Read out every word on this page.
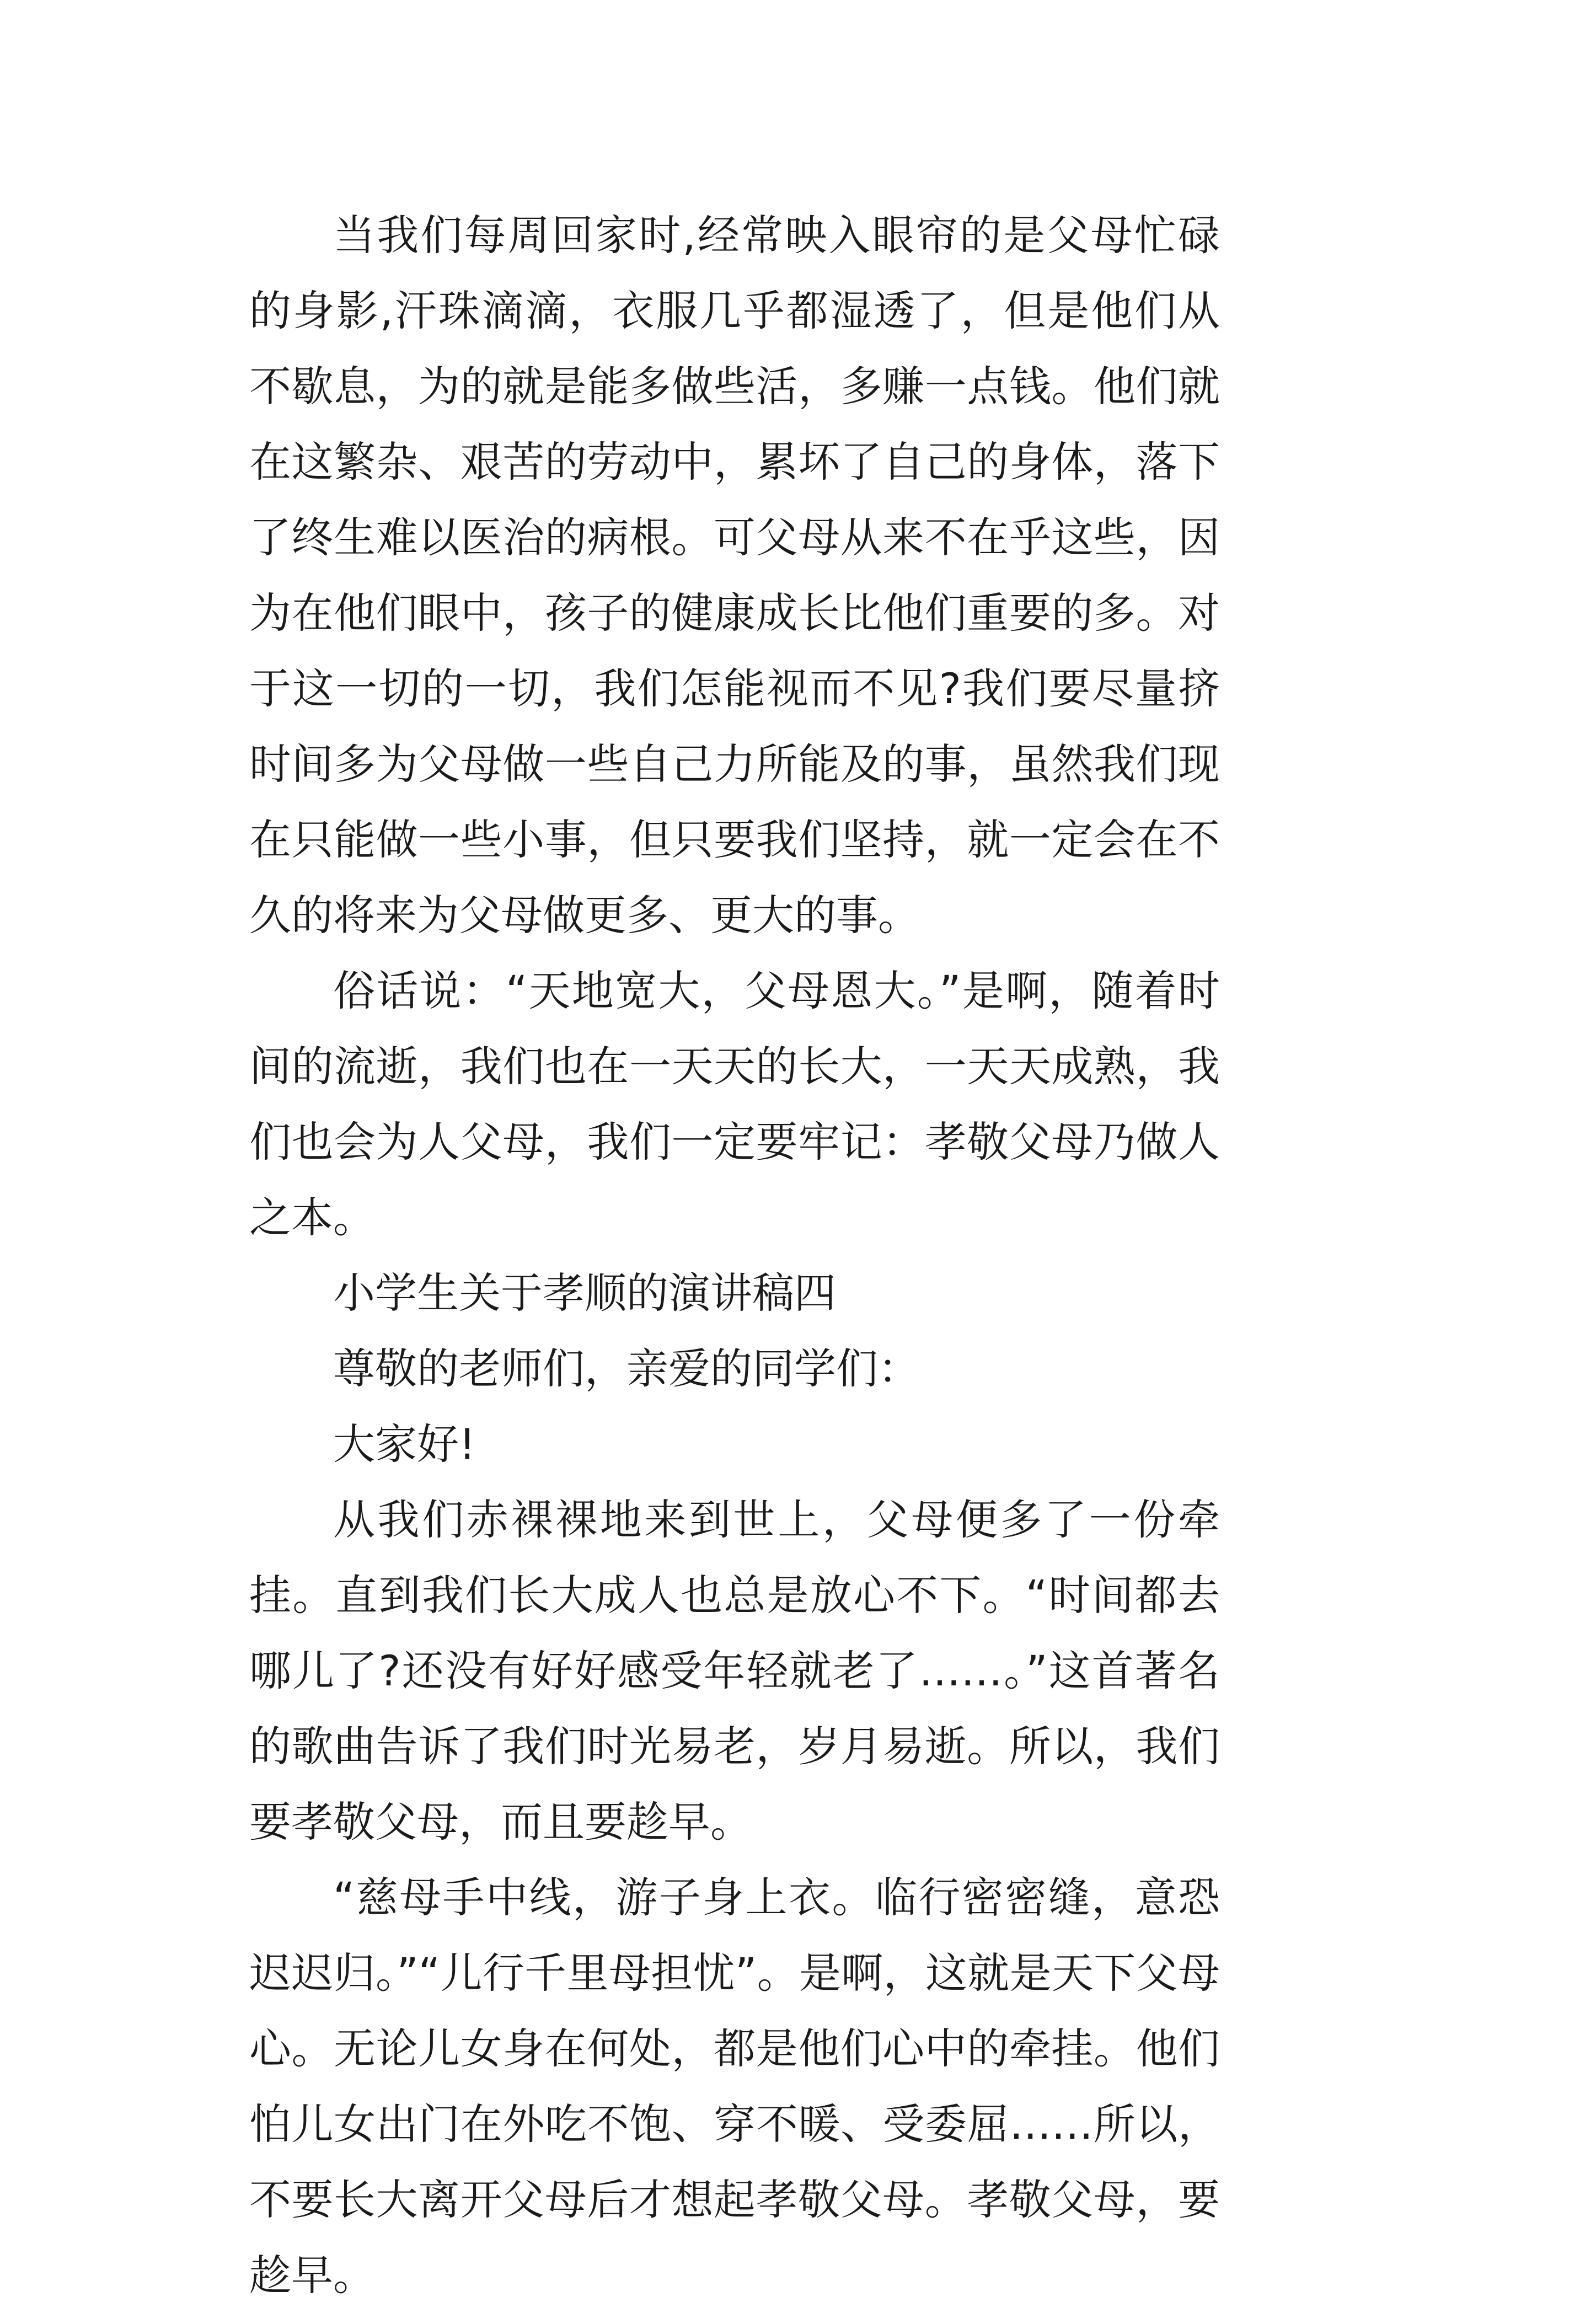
当我们每周回家时,经常映入眼帘的是父母忙碌的身影,汗珠滴滴，衣服几乎都湿透了，但是他们从不歇息，为的就是能多做些活，多赚一点钱。他们就在这繁杂、艰苦的劳动中，累坏了自己的身体，落下了终生难以医治的病根。可父母从来不在乎这些，因为在他们眼中，孩子的健康成长比他们重要的多。对于这一切的一切，我们怎能视而不见?我们要尽量挤时间多为父母做一些自己力所能及的事，虽然我们现在只能做一些小事，但只要我们坚持，就一定会在不久的将来为父母做更多、更大的事。

俗话说：“天地宽大，父母恩大。”是啊，随着时间的流逝，我们也在一天天的长大，一天天成熟，我们也会为人父母，我们一定要牢记：孝敬父母乃做人之本。

小学生关于孝顺的演讲稿四

尊敬的老师们，亲爱的同学们：

大家好!

从我们赤裸裸地来到世上，父母便多了一份牵挂。直到我们长大成人也总是放心不下。“时间都去哪儿了?还没有好好感受年轻就老了……。”这首著名的歌曲告诉了我们时光易老，岁月易逝。所以，我们要孝敬父母，而且要趁早。

“慈母手中线，游子身上衣。临行密密缝，意恐迟迟归。”“儿行千里母担忧”。是啊，这就是天下父母心。无论儿女身在何处，都是他们心中的牵挂。他们怕儿女出门在外吃不饱、穿不暖、受委屈……所以，不要长大离开父母后才想起孝敬父母。孝敬父母，要趁早。
